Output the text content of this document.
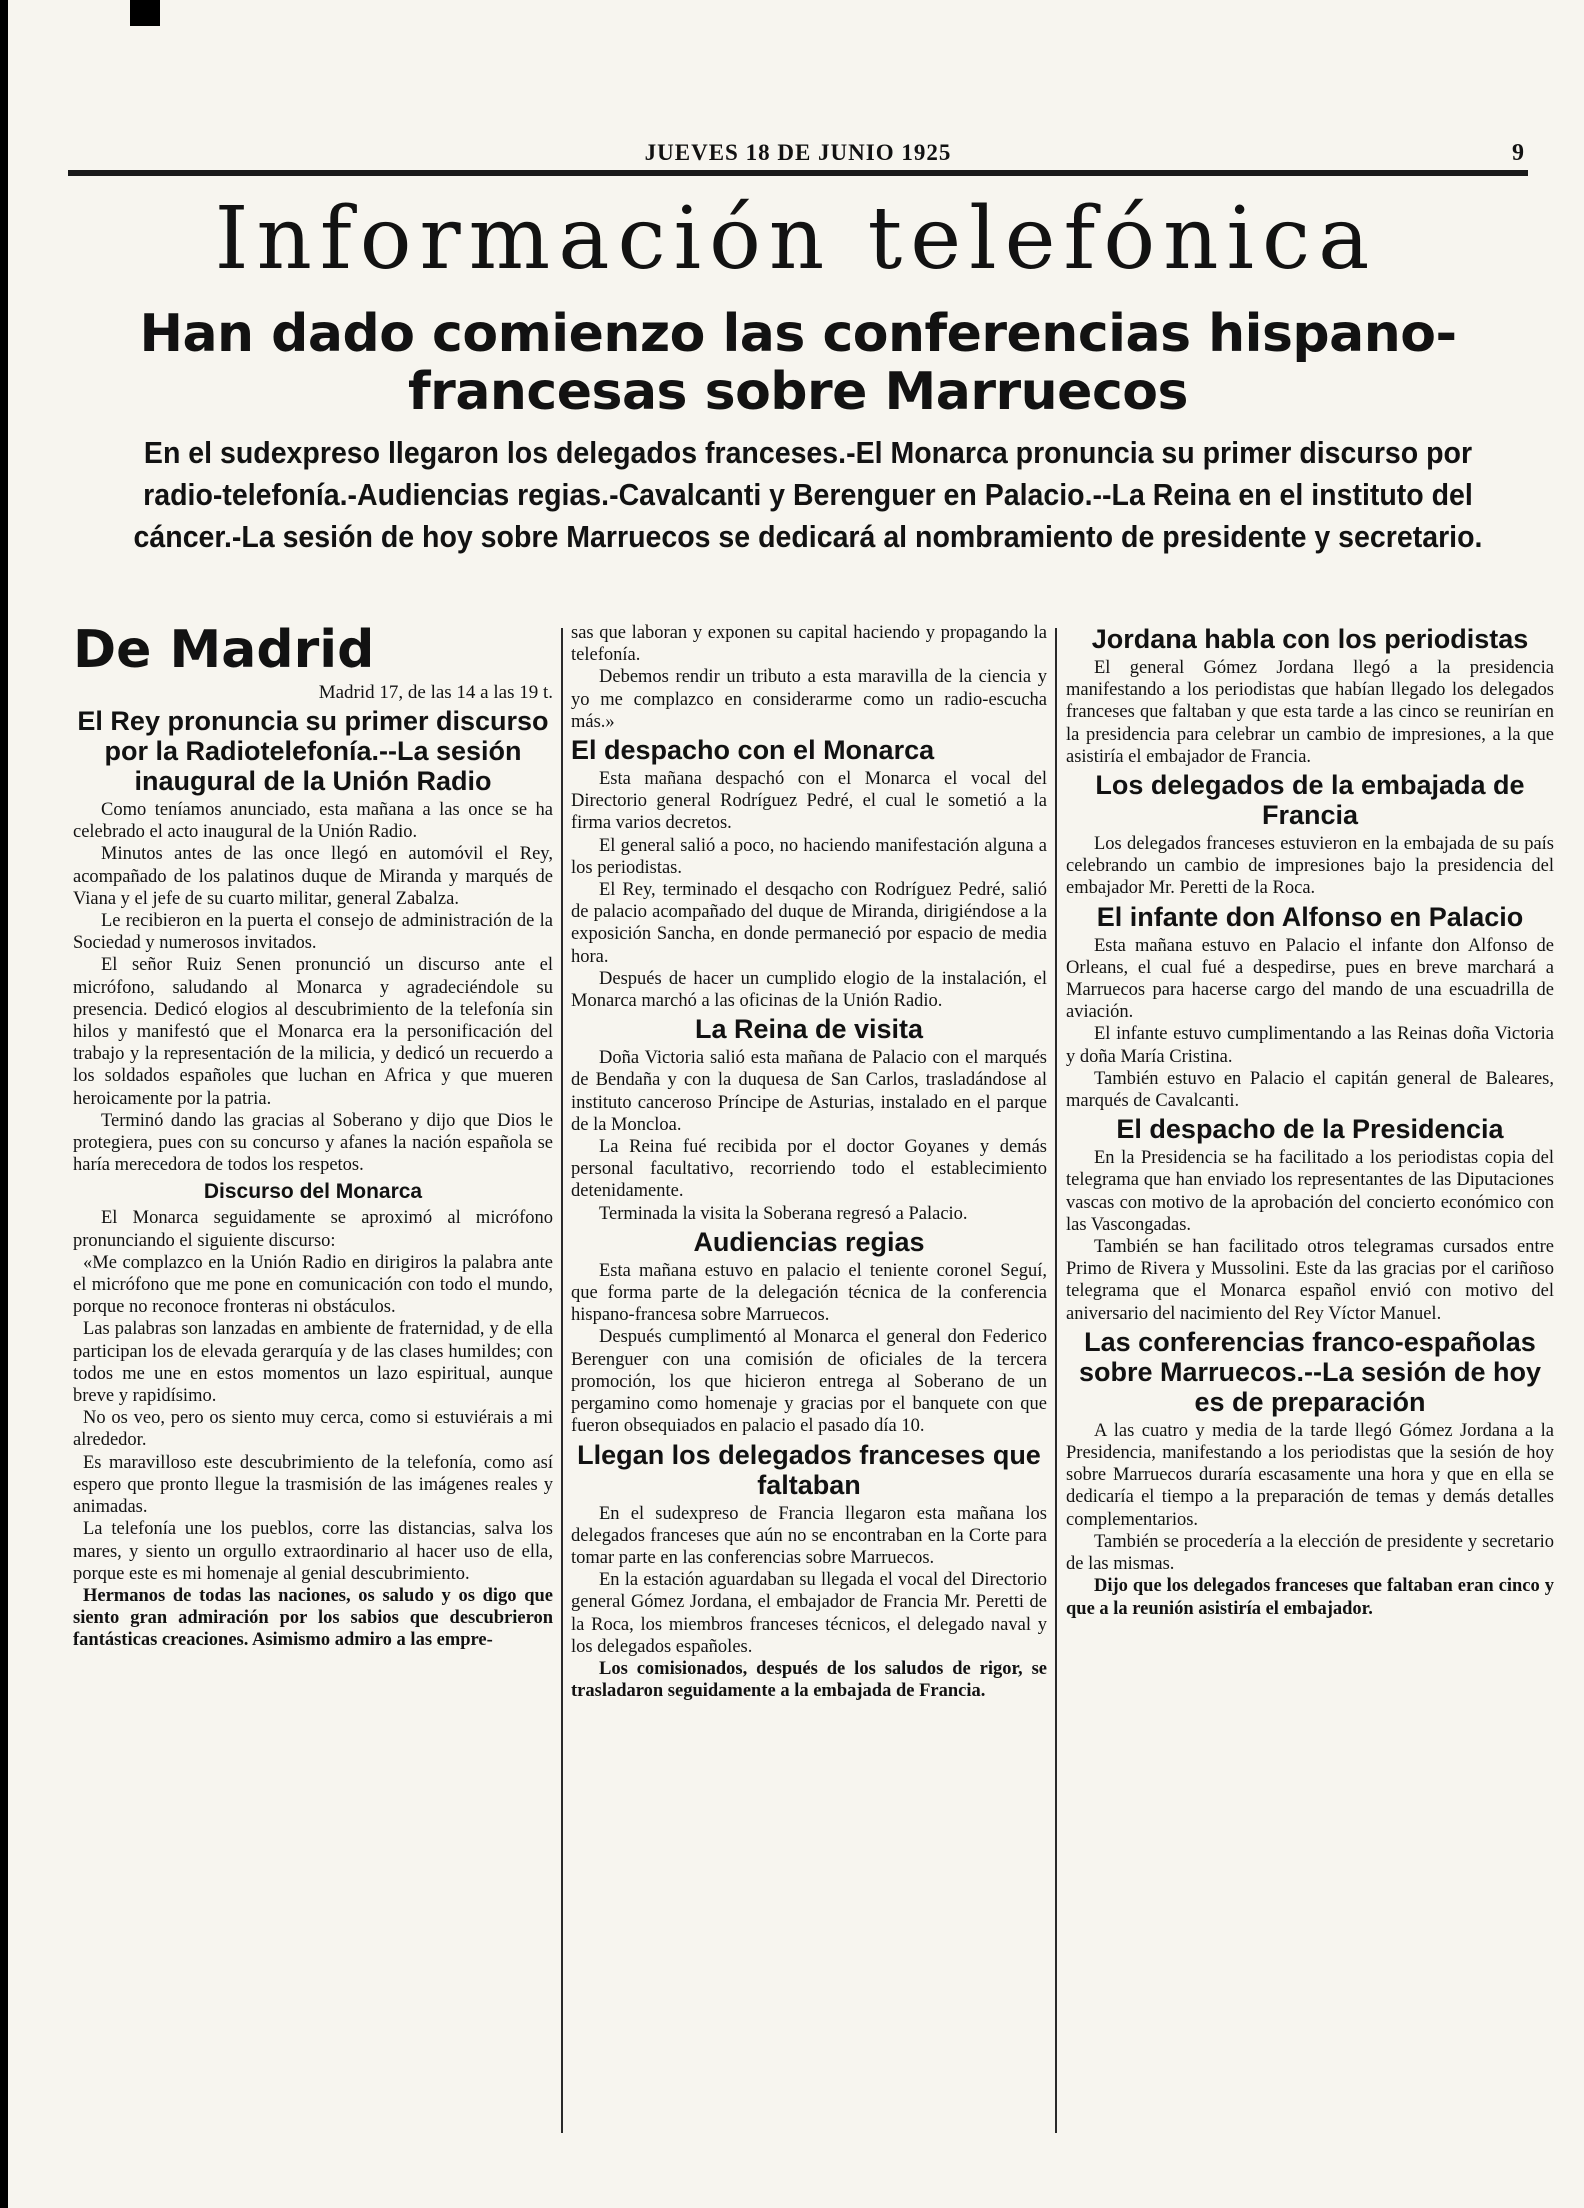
JUEVES 18 DE JUNIO 1925	9
Información telefónica
Han dado comienzo las conferencias hispano-francesas sobre Marruecos
En el sudexpreso llegaron los delegados franceses.-El Monarca pronuncia su primer discurso por radio-telefonía.-Audiencias regias.-Cavalcanti y Berenguer en Palacio.--La Reina en el instituto del cáncer.-La sesión de hoy sobre Marruecos se dedicará al nombramiento de presidente y secretario.
De Madrid
Madrid 17, de las 14 a las 19 t.
El Rey pronuncia su primer discurso por la Radiotelefonía.--La sesión inaugural de la Unión Radio

Como teníamos anunciado, esta mañana a las once se ha celebrado el acto inaugural de la Unión Radio.

Minutos antes de las once llegó en automóvil el Rey, acompañado de los palatinos duque de Miranda y marqués de Viana y el jefe de su cuarto militar, general Zabalza.

Le recibieron en la puerta el consejo de administración de la Sociedad y numerosos invitados.

El señor Ruiz Senen pronunció un discurso ante el micrófono, saludando al Monarca y agradeciéndole su presencia. Dedicó elogios al descubrimiento de la telefonía sin hilos y manifestó que el Monarca era la personificación del trabajo y la representación de la milicia, y dedicó un recuerdo a los soldados españoles que luchan en Africa y que mueren heroicamente por la patria.

Terminó dando las gracias al Soberano y dijo que Dios le protegiera, pues con su concurso y afanes la nación española se haría merecedora de todos los respetos.

Discurso del Monarca

El Monarca seguidamente se aproximó al micrófono pronunciando el siguiente discurso:

«Me complazco en la Unión Radio en dirigiros la palabra ante el micrófono que me pone en comunicación con todo el mundo, porque no reconoce fronteras ni obstáculos.

Las palabras son lanzadas en ambiente de fraternidad, y de ella participan los de elevada gerarquía y de las clases humildes; con todos me une en estos momentos un lazo espiritual, aunque breve y rapidísimo.

No os veo, pero os siento muy cerca, como si estuviérais a mi alrededor.

Es maravilloso este descubrimiento de la telefonía, como así espero que pronto llegue la trasmisión de las imágenes reales y animadas.

La telefonía une los pueblos, corre las distancias, salva los mares, y siento un orgullo extraordinario al hacer uso de ella, porque este es mi homenaje al genial descubrimiento.

Hermanos de todas las naciones, os saludo y os digo que siento gran admiración por los sabios que descubrieron fantásticas creaciones. Asimismo admiro a las empre-

sas que laboran y exponen su capital haciendo y propagando la telefonía.

Debemos rendir un tributo a esta maravilla de la ciencia y yo me complazco en considerarme como un radio-escucha más.»

El despacho con el Monarca

Esta mañana despachó con el Monarca el vocal del Directorio general Rodríguez Pedré, el cual le sometió a la firma varios decretos.

El general salió a poco, no haciendo manifestación alguna a los periodistas.

El Rey, terminado el desqacho con Rodríguez Pedré, salió de palacio acompañado del duque de Miranda, dirigiéndose a la exposición Sancha, en donde permaneció por espacio de media hora.

Después de hacer un cumplido elogio de la instalación, el Monarca marchó a las oficinas de la Unión Radio.

La Reina de visita

Doña Victoria salió esta mañana de Palacio con el marqués de Bendaña y con la duquesa de San Carlos, trasladándose al instituto canceroso Príncipe de Asturias, instalado en el parque de la Moncloa.

La Reina fué recibida por el doctor Goyanes y demás personal facultativo, recorriendo todo el establecimiento detenidamente.

Terminada la visita la Soberana regresó a Palacio.

Audiencias regias

Esta mañana estuvo en palacio el teniente coronel Seguí, que forma parte de la delegación técnica de la conferencia hispano-francesa sobre Marruecos.

Después cumplimentó al Monarca el general don Federico Berenguer con una comisión de oficiales de la tercera promoción, los que hicieron entrega al Soberano de un pergamino como homenaje y gracias por el banquete con que fueron obsequiados en palacio el pasado día 10.

Llegan los delegados franceses que faltaban

En el sudexpreso de Francia llegaron esta mañana los delegados franceses que aún no se encontraban en la Corte para tomar parte en las conferencias sobre Marruecos.

En la estación aguardaban su llegada el vocal del Directorio general Gómez Jordana, el embajador de Francia Mr. Peretti de la Roca, los miembros franceses técnicos, el delegado naval y los delegados españoles.

Los comisionados, después de los saludos de rigor, se trasladaron seguidamente a la embajada de Francia.

Jordana habla con los periodistas

El general Gómez Jordana llegó a la presidencia manifestando a los periodistas que habían llegado los delegados franceses que faltaban y que esta tarde a las cinco se reunirían en la presidencia para celebrar un cambio de impresiones, a la que asistiría el embajador de Francia.

Los delegados de la embajada de Francia

Los delegados franceses estuvieron en la embajada de su país celebrando un cambio de impresiones bajo la presidencia del embajador Mr. Peretti de la Roca.

El infante don Alfonso en Palacio

Esta mañana estuvo en Palacio el infante don Alfonso de Orleans, el cual fué a despedirse, pues en breve marchará a Marruecos para hacerse cargo del mando de una escuadrilla de aviación.

El infante estuvo cumplimentando a las Reinas doña Victoria y doña María Cristina.

También estuvo en Palacio el capitán general de Baleares, marqués de Cavalcanti.

El despacho de la Presidencia

En la Presidencia se ha facilitado a los periodistas copia del telegrama que han enviado los representantes de las Diputaciones vascas con motivo de la aprobación del concierto económico con las Vascongadas.

También se han facilitado otros telegramas cursados entre Primo de Rivera y Mussolini. Este da las gracias por el cariñoso telegrama que el Monarca español envió con motivo del aniversario del nacimiento del Rey Víctor Manuel.

Las conferencias franco-españolas sobre Marruecos.--La sesión de hoy es de preparación

A las cuatro y media de la tarde llegó Gómez Jordana a la Presidencia, manifestando a los periodistas que la sesión de hoy sobre Marruecos duraría escasamente una hora y que en ella se dedicaría el tiempo a la preparación de temas y demás detalles complementarios.

También se procedería a la elección de presidente y secretario de las mismas.

Dijo que los delegados franceses que faltaban eran cinco y que a la reunión asistiría el embajador.
